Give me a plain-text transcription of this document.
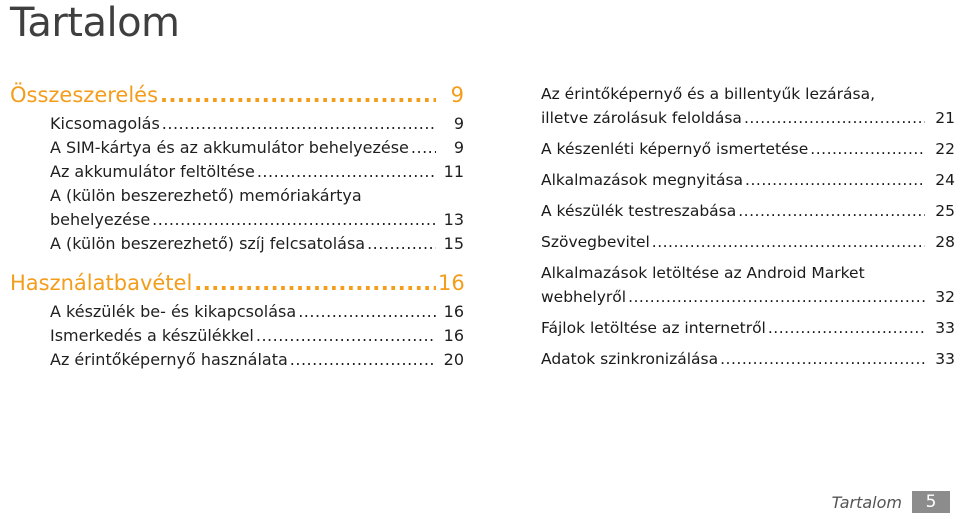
Tartalom
Összeszerelés .....	9
Kicsomagolás .....	9
A SIM-kártya és az akkumulátor behelyezése .....	9
Az akkumulátor feltöltése .....	11
A (külön beszerezhető) memóriakártya
behelyezése .....	13
A (külön beszerezhető) szíj felcsatolása .....	15
Használatbavétel .....	16
A készülék be- és kikapcsolása .....	16
Ismerkedés a készülékkel .....	16
Az érintőképernyő használata .....	20
Az érintőképernyő és a billentyűk lezárása,
illetve zárolásuk feloldása .....	21
A készenléti képernyő ismertetése .....	22
Alkalmazások megnyitása .....	24
A készülék testreszabása .....	25
Szövegbevitel .....	28
Alkalmazások letöltése az Android Market
webhelyről .....	32
Fájlok letöltése az internetről .....	33
Adatok szinkronizálása .....	33
Tartalom	5
